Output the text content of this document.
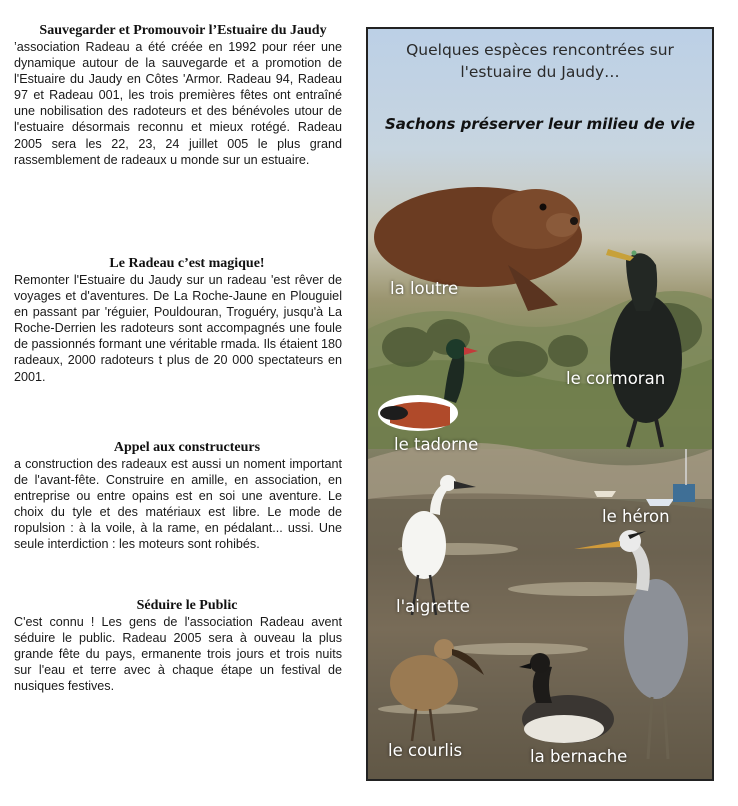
Sauvegarder et Promouvoir l’Estuaire du Jaudy

’association Radeau a été créée en 1992 pour réer une dynamique autour de la sauvegarde et a promotion de l'Estuaire du Jaudy en Côtes 'Armor. Radeau 94, Radeau 97 et Radeau 001, les trois premières fêtes ont entraîné une nobilisation des radoteurs et des bénévoles utour de l'estuaire désormais reconnu et mieux rotégé. Radeau 2005 sera les 22, 23, 24 juillet 005 le plus grand rassemblement de radeaux u monde sur un estuaire.

Le Radeau c’est magique!

Remonter l'Estuaire du Jaudy sur un radeau 'est rêver de voyages et d'aventures. De La Roche-Jaune en Plouguiel en passant par 'réguier, Pouldouran, Troguéry, jusqu'à La Roche-Derrien les radoteurs sont accompagnés une foule de passionnés formant une véritable rmada. Ils étaient 180 radeaux, 2000 radoteurs t plus de 20 000 spectateurs en 2001.

Appel aux constructeurs

a construction des radeaux est aussi un noment important de l'avant-fête. Construire en amille, en association, en entreprise ou entre opains est en soi une aventure. Le choix du tyle et des matériaux est libre. Le mode de ropulsion : à la voile, à la rame, en pédalant... ussi. Une seule interdiction : les moteurs sont rohibés.

Séduire le Public

C'est connu ! Les gens de l'association Radeau avent séduire le public. Radeau 2005 sera à ouveau la plus grande fête du pays, ermanente trois jours et trois nuits sur l'eau et terre avec à chaque étape un festival de nusiques festives.

Quelques espèces rencontrées sur l'estuaire du Jaudy…
Sachons préserver leur milieu de vie
la loutre
le cormoran
le tadorne
le héron
l'aigrette
le courlis	la bernache
